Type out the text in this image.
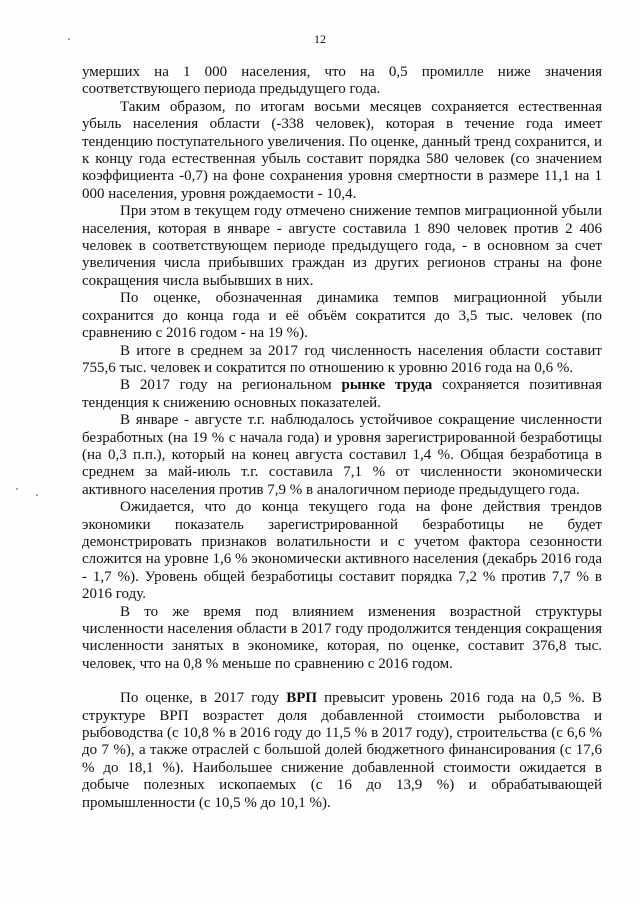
12

умерших на 1 000 населения, что на 0,5 промилле ниже значения соответствующего периода предыдущего года.

Таким образом, по итогам восьми месяцев сохраняется естественная убыль населения области (-338 человек), которая в течение года имеет тенденцию поступательного увеличения. По оценке, данный тренд сохранится, и к концу года естественная убыль составит порядка 580 человек (со значением коэффициента -0,7) на фоне сохранения уровня смертности в размере 11,1 на 1 000 населения, уровня рождаемости - 10,4.

При этом в текущем году отмечено снижение темпов миграционной убыли населения, которая в январе - августе составила 1 890 человек против 2 406 человек в соответствующем периоде предыдущего года, - в основном за счет увеличения числа прибывших граждан из других регионов страны на фоне сокращения числа выбывших в них.

По оценке, обозначенная динамика темпов миграционной убыли сохранится до конца года и её объём сократится до 3,5 тыс. человек (по сравнению с 2016 годом - на 19 %).

В итоге в среднем за 2017 год численность населения области составит 755,6 тыс. человек и сократится по отношению к уровню 2016 года на 0,6 %.

В 2017 году на региональном рынке труда сохраняется позитивная тенденция к снижению основных показателей.

В январе - августе т.г. наблюдалось устойчивое сокращение численности безработных (на 19 % с начала года) и уровня зарегистрированной безработицы (на 0,3 п.п.), который на конец августа составил 1,4 %. Общая безработица в среднем за май-июль т.г. составила 7,1 % от численности экономически активного населения против 7,9 % в аналогичном периоде предыдущего года.

Ожидается, что до конца текущего года на фоне действия трендов экономики показатель зарегистрированной безработицы не будет демонстрировать признаков волатильности и с учетом фактора сезонности сложится на уровне 1,6 % экономически активного населения (декабрь 2016 года - 1,7 %). Уровень общей безработицы составит порядка 7,2 % против 7,7 % в 2016 году.

В то же время под влиянием изменения возрастной структуры численности населения области в 2017 году продолжится тенденция сокращения численности занятых в экономике, которая, по оценке, составит 376,8 тыс. человек, что на 0,8 % меньше по сравнению с 2016 годом.

По оценке, в 2017 году ВРП превысит уровень 2016 года на 0,5 %. В структуре ВРП возрастет доля добавленной стоимости рыболовства и рыбоводства (с 10,8 % в 2016 году до 11,5 % в 2017 году), строительства (с 6,6 % до 7 %), а также отраслей с большой долей бюджетного финансирования (с 17,6 % до 18,1 %). Наибольшее снижение добавленной стоимости ожидается в добыче полезных ископаемых (с 16 до 13,9 %) и обрабатывающей промышленности (с 10,5 % до 10,1 %).
